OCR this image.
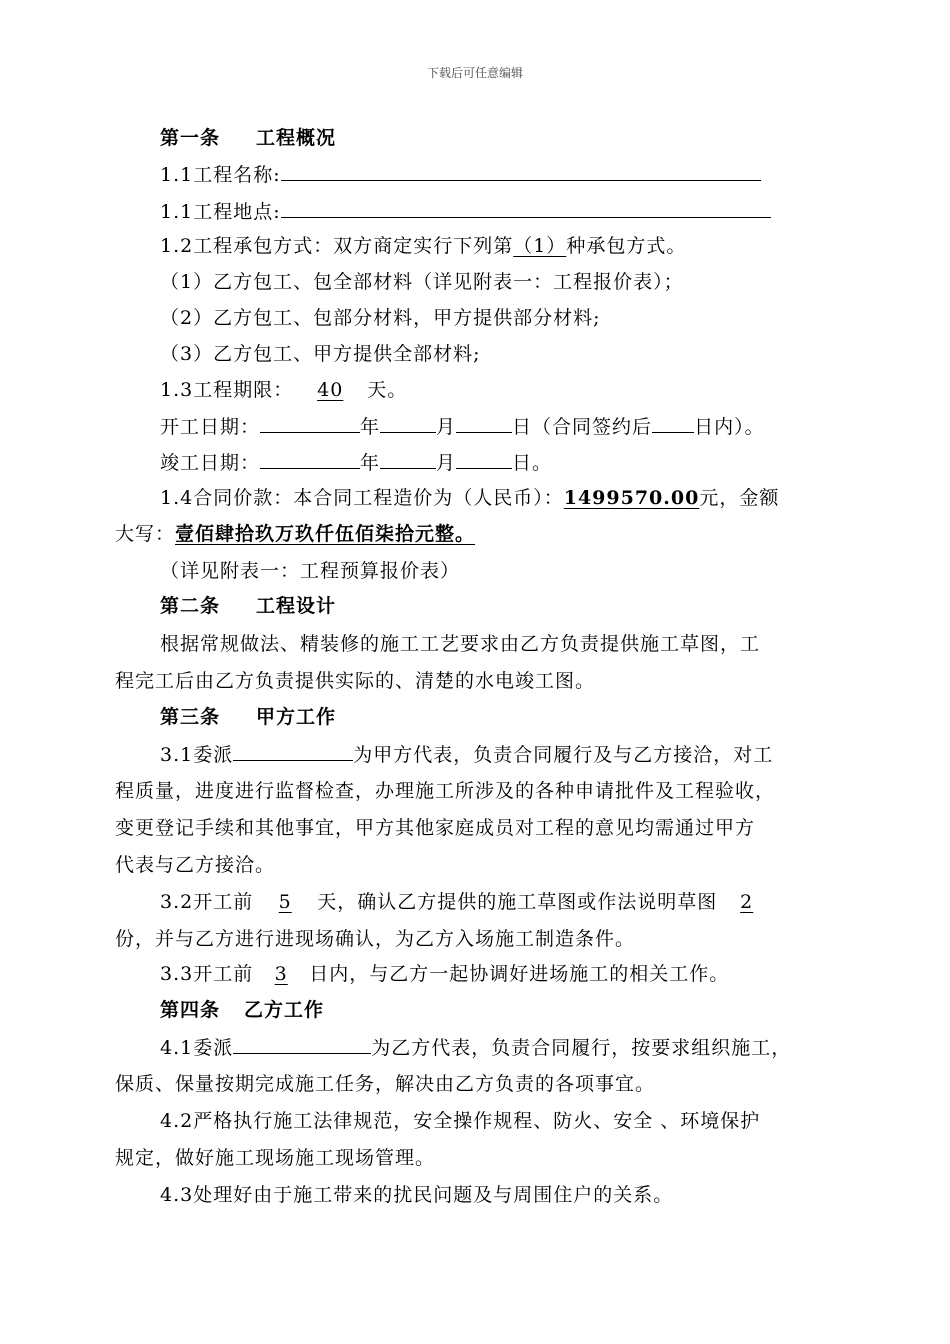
下载后可任意编辑
第一条 工程概况
1.1工程名称:
1.1工程地点:
1.2工程承包方式：双方商定实行下列第（1）种承包方式。
（1）乙方包工、包全部材料（详见附表一：工程报价表）；
（2）乙方包工、包部分材料，甲方提供部分材料;
（3）乙方包工、甲方提供全部材料;
1.3工程期限： 40 天。
开工日期：	年	月	日（合同签约后 日内）。
竣工日期：	年	月	日。
1.4合同价款：本合同工程造价为（人民币）：1499570.00元，金额
大写：壹佰肆拾玖万玖仟伍佰柒拾元整。
（详见附表一：工程预算报价表）
第二条 工程设计
根据常规做法、精装修的施工工艺要求由乙方负责提供施工草图，工
程完工后由乙方负责提供实际的、清楚的水电竣工图。
第三条 甲方工作
3.1委派	为甲方代表，负责合同履行及与乙方接洽，对工
程质量，进度进行监督检查，办理施工所涉及的各种申请批件及工程验收，
变更登记手续和其他事宜，甲方其他家庭成员对工程的意见均需通过甲方
代表与乙方接洽。
3.2开工前 5 天，确认乙方提供的施工草图或作法说明草图 2
份，并与乙方进行进现场确认，为乙方入场施工制造条件。
3.3开工前 3 日内，与乙方一起协调好进场施工的相关工作。
第四条 乙方工作
4.1委派	为乙方代表，负责合同履行，按要求组织施工，
保质、保量按期完成施工任务，解决由乙方负责的各项事宜。
4.2严格执行施工法律规范，安全操作规程、防火、安全 、环境保护
规定，做好施工现场施工现场管理。
4.3处理好由于施工带来的扰民问题及与周围住户的关系。
